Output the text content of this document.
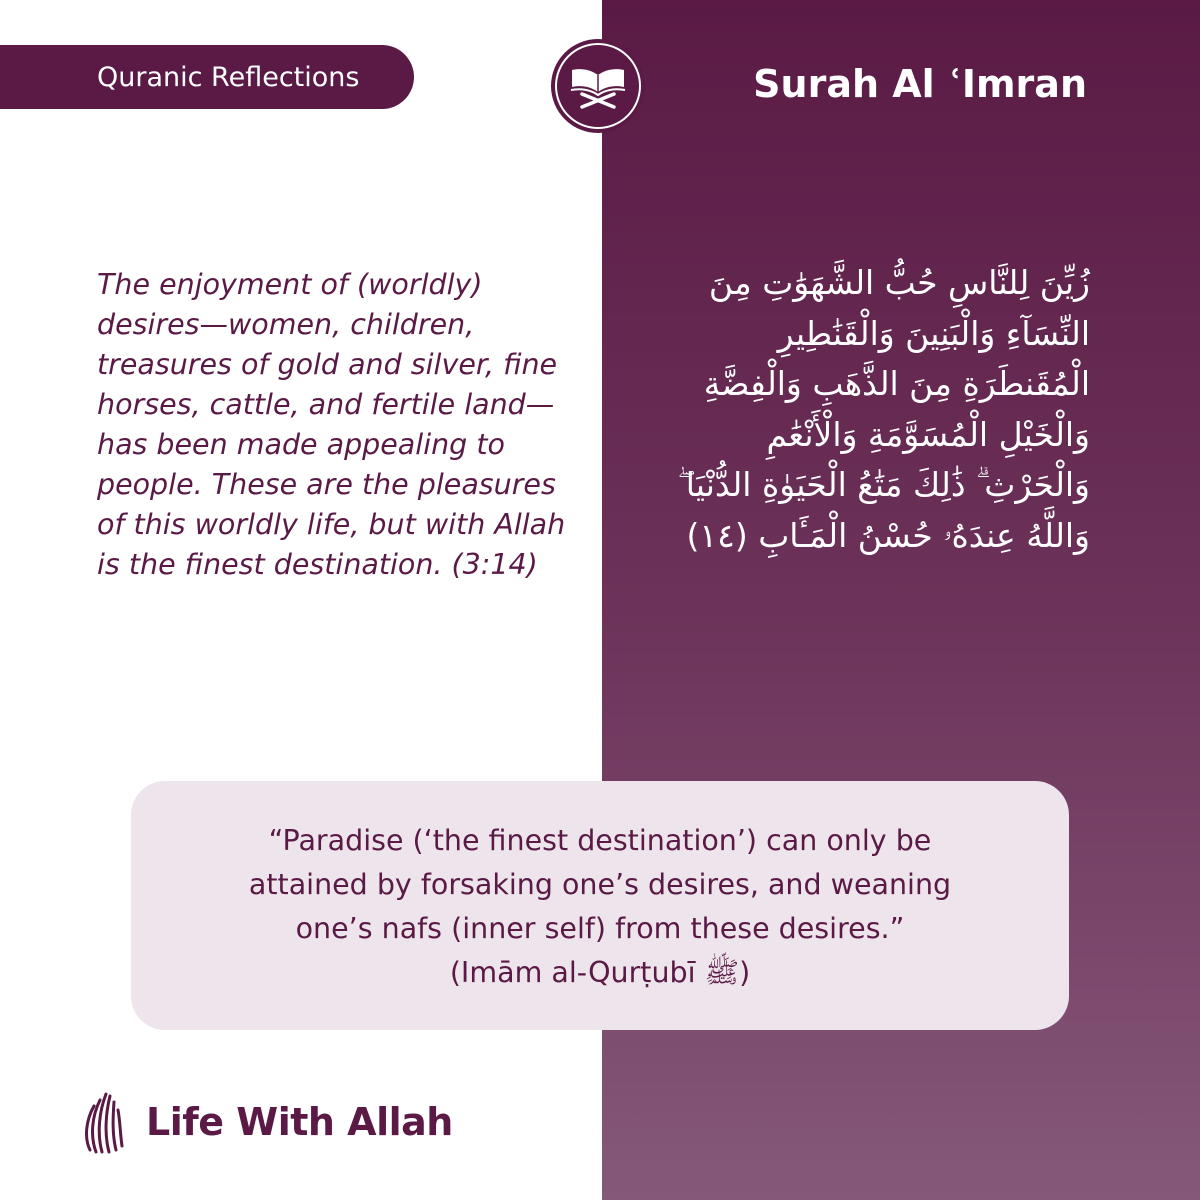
Quranic Reflections	Surah Al ʿImran
The enjoyment of (worldly) desires—women, children, treasures of gold and silver, fine horses, cattle, and fertile land—has been made appealing to people. These are the pleasures of this worldly life, but with Allah is the finest destination. (3:14)
زُيِّنَ لِلنَّاسِ حُبُّ الشَّهَوَٰتِ مِنَ
النِّسَآءِ وَالْبَنِينَ وَالْقَنَٰطِيرِ
الْمُقَنطَرَةِ مِنَ الذَّهَبِ وَالْفِضَّةِ
وَالْخَيْلِ الْمُسَوَّمَةِ وَالْأَنْعَٰمِ
وَالْحَرْثِ ۗ ذَٰلِكَ مَتَٰعُ الْحَيَوٰةِ الدُّنْيَا ۖ
وَاللَّهُ عِندَهُۥ حُسْنُ الْمَـَٔابِ (١٤)
“Paradise (‘the finest destination’) can only be
attained by forsaking one’s desires, and weaning
one’s nafs (inner self) from these desires.”
(Imām al-Qurṭubī ﷺ)
Life With Allah
